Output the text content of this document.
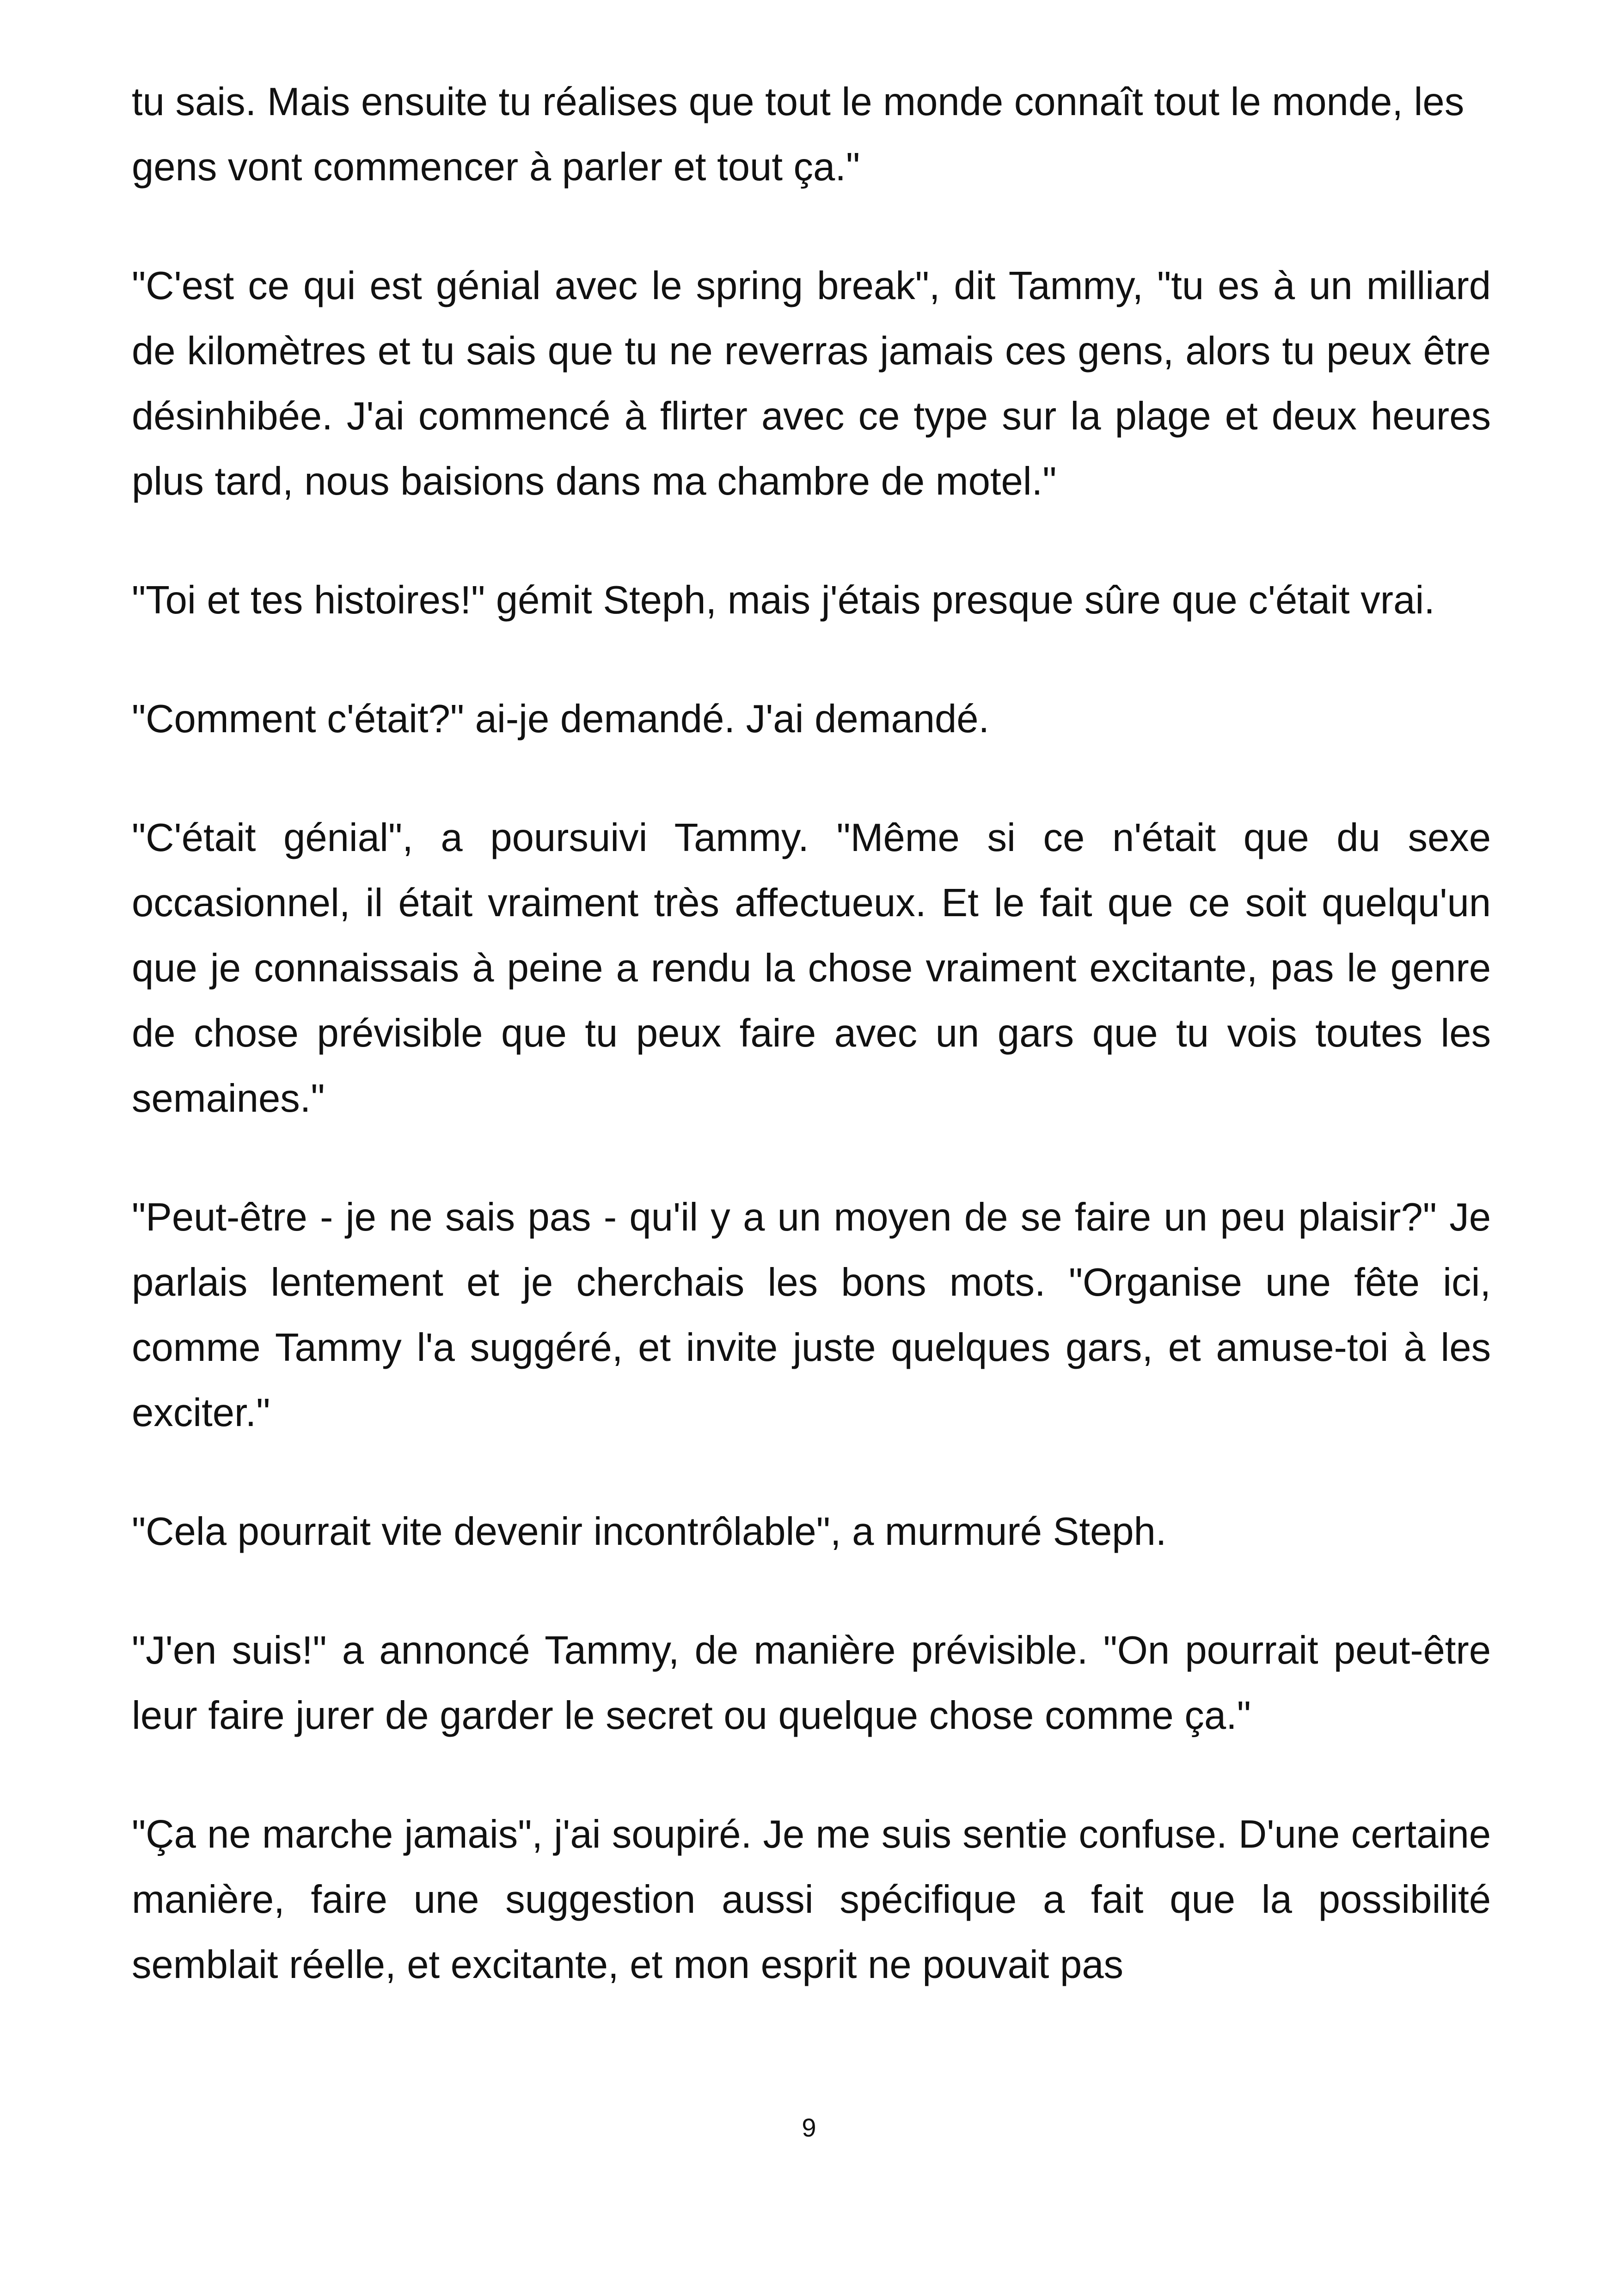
tu sais. Mais ensuite tu réalises que tout le monde connaît tout le monde, les gens vont commencer à parler et tout ça."

"C'est ce qui est génial avec le spring break", dit Tammy, "tu es à un milliard de kilomètres et tu sais que tu ne reverras jamais ces gens, alors tu peux être désinhibée. J'ai commencé à flirter avec ce type sur la plage et deux heures plus tard, nous baisions dans ma chambre de motel."

"Toi et tes histoires!" gémit Steph, mais j'étais presque sûre que c'était vrai.

"Comment c'était?" ai-je demandé. J'ai demandé.

"C'était génial", a poursuivi Tammy. "Même si ce n'était que du sexe occasionnel, il était vraiment très affectueux. Et le fait que ce soit quelqu'un que je connaissais à peine a rendu la chose vraiment excitante, pas le genre de chose prévisible que tu peux faire avec un gars que tu vois toutes les semaines."

"Peut-être - je ne sais pas - qu'il y a un moyen de se faire un peu plaisir?" Je parlais lentement et je cherchais les bons mots. "Organise une fête ici, comme Tammy l'a suggéré, et invite juste quelques gars, et amuse-toi à les exciter."

"Cela pourrait vite devenir incontrôlable", a murmuré Steph.

"J'en suis!" a annoncé Tammy, de manière prévisible. "On pourrait peut-être leur faire jurer de garder le secret ou quelque chose comme ça."

"Ça ne marche jamais", j'ai soupiré. Je me suis sentie confuse. D'une certaine manière, faire une suggestion aussi spécifique a fait que la possibilité semblait réelle, et excitante, et mon esprit ne pouvait pas

9
